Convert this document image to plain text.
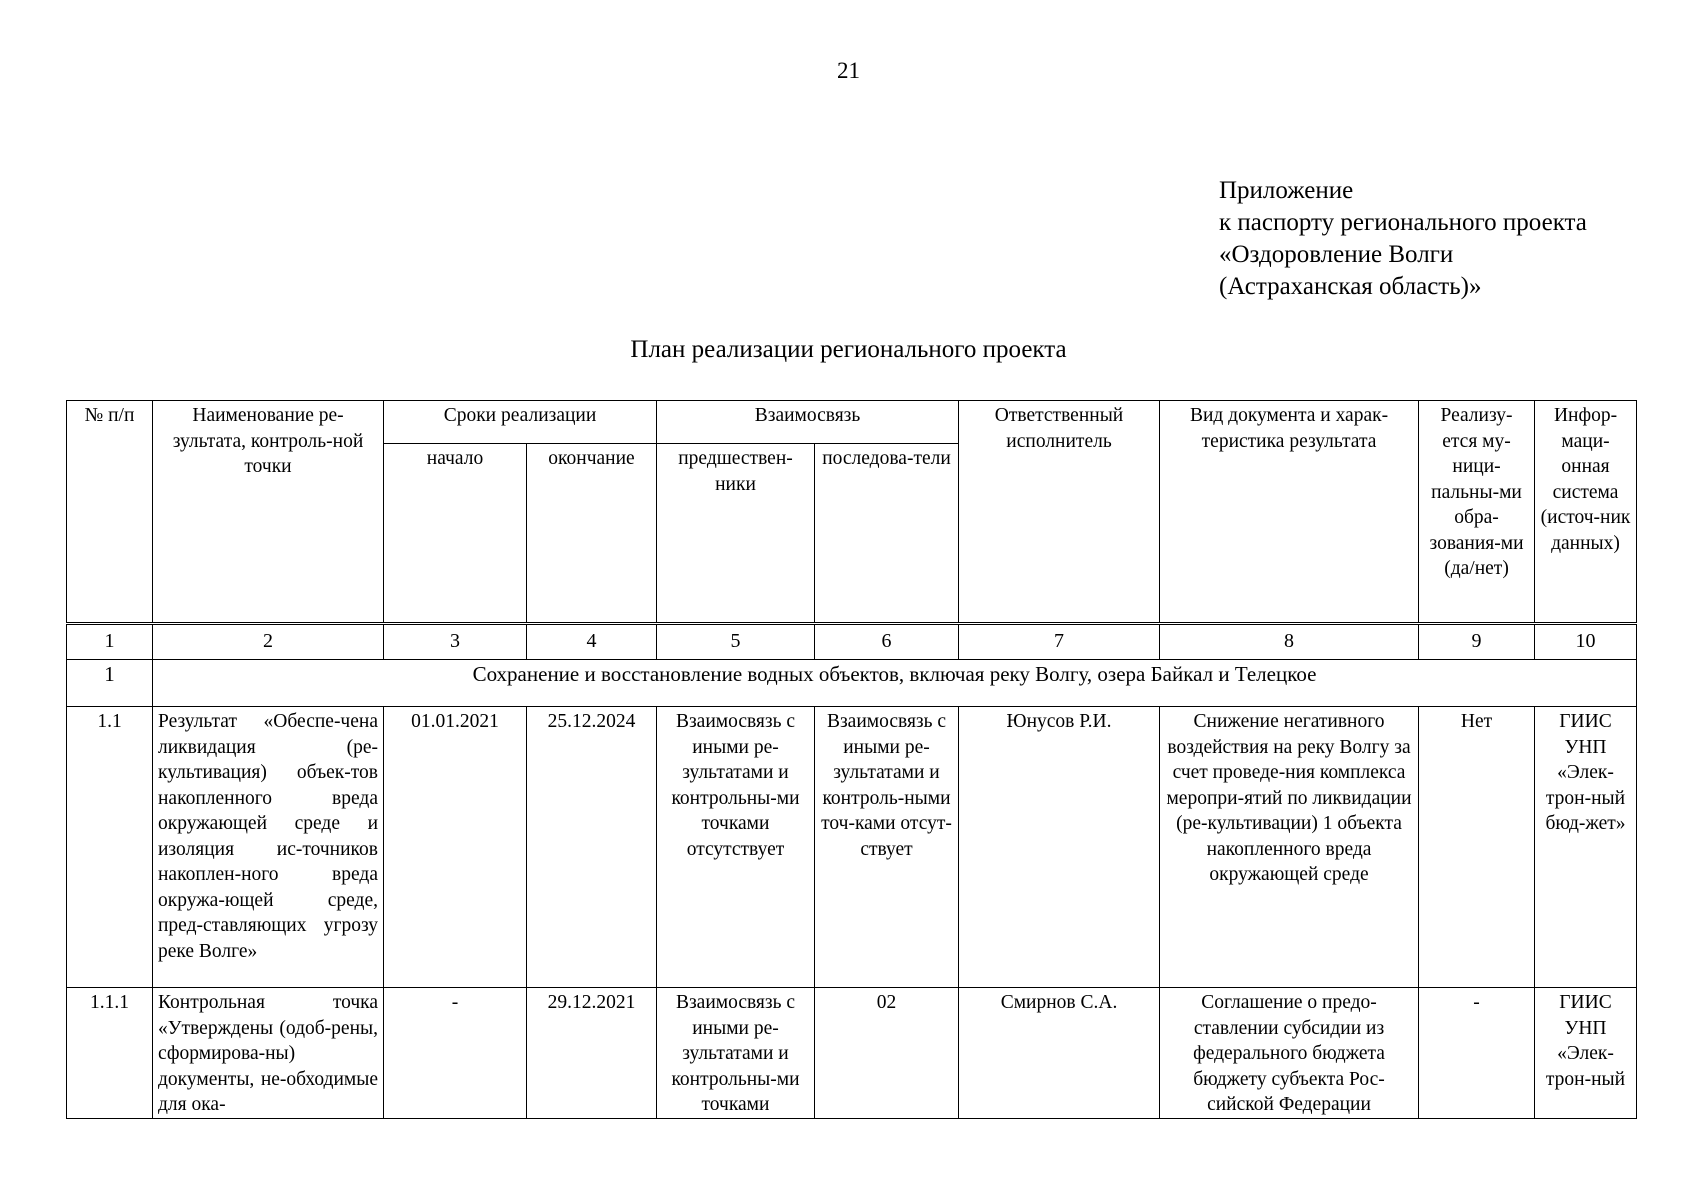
21
Приложение
к паспорту регионального проекта
«Оздоровление Волги
(Астраханская область)»
План реализации регионального проекта
№ п/п	Наименование ре-зультата, контроль-ной точки	Сроки реализации		Взаимосвязь		Ответственный исполнитель	Вид документа и харак-теристика результата	Реализу-ется му-ници-пальны-ми обра-зования-ми (да/нет)	Инфор-маци-онная система (источ-ник данных)
		начало	окончание	предшествен-ники	последова-тели				
1	2	3	4	5	6	7	8	9	10
1	Сохранение и восстановление водных объектов, включая реку Волгу, озера Байкал и Телецкое								
1.1	Результат «Обеспе-чена ликвидация (ре-культивация) объек-тов накопленного вреда окружающей среде и изоляция ис-точников накоплен-ного вреда окружа-ющей среде, пред-ставляющих угрозу реке Волге»	01.01.2021	25.12.2024	Взаимосвязь с иными ре-зультатами и контрольны-ми точками отсутствует	Взаимосвязь с иными ре-зультатами и контроль-ными точ-ками отсут-ствует	Юнусов Р.И.	Снижение негативного воздействия на реку Волгу за счет проведе-ния комплекса меропри-ятий по ликвидации (ре-культивации) 1 объекта накопленного вреда окружающей среде	Нет	ГИИС УНП «Элек-трон-ный бюд-жет»
1.1.1	Контрольная точка «Утверждены (одоб-рены, сформирова-ны) документы, не-обходимые для ока-	-	29.12.2021	Взаимосвязь с иными ре-зультатами и контрольны-ми точками	02	Смирнов С.А.	Соглашение о предо-ставлении субсидии из федерального бюджета бюджету субъекта Рос-сийской Федерации	-	ГИИС УНП «Элек-трон-ный
